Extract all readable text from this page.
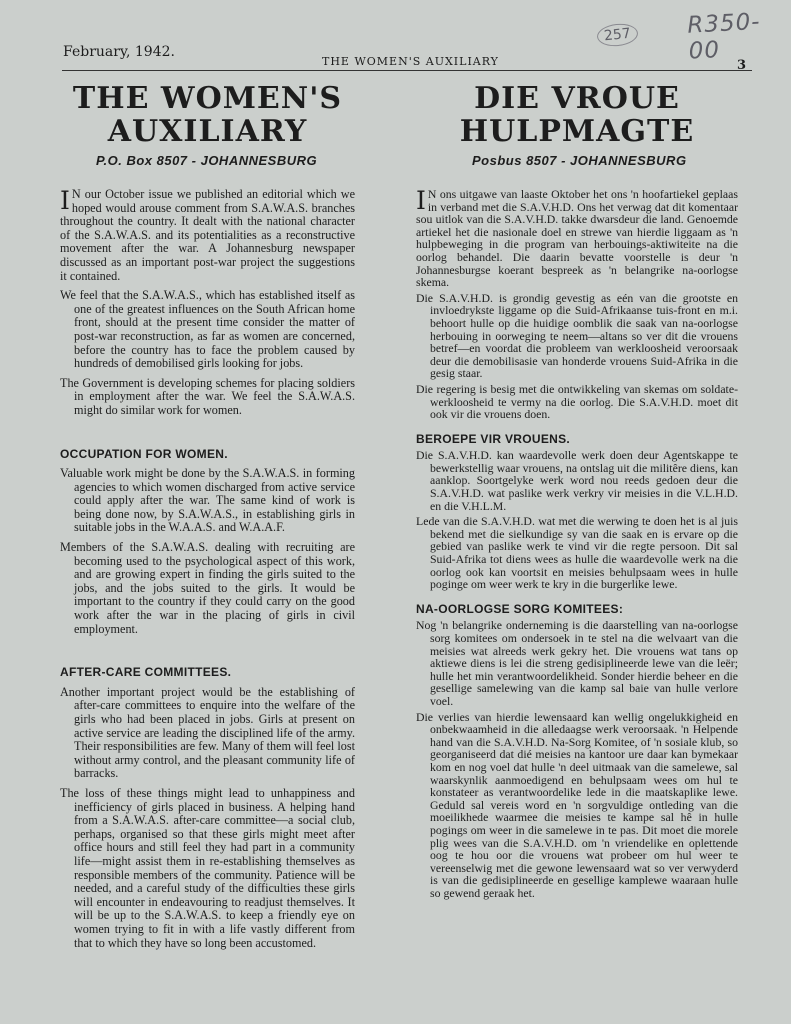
February, 1942.
THE WOMEN'S AUXILIARY	3
257	R350-00
THE WOMEN'S
AUXILIARY
P.O. Box 8507 - JOHANNESBURG

I N our October issue we published an editorial which we hoped would arouse comment from S.A.W.A.S. branches throughout the country. It dealt with the national character of the S.A.W.A.S. and its potentialities as a reconstructive movement after the war. A Johannesburg newspaper discussed as an important post-war project the suggestions it contained.

We feel that the S.A.W.A.S., which has established itself as one of the greatest influences on the South African home front, should at the present time consider the matter of post-war reconstruction, as far as women are concerned, before the country has to face the problem caused by hundreds of demobilised girls looking for jobs.

The Government is developing schemes for placing soldiers in employment after the war. We feel the S.A.W.A.S. might do similar work for women.

OCCUPATION FOR WOMEN.

Valuable work might be done by the S.A.W.A.S. in forming agencies to which women discharged from active service could apply after the war. The same kind of work is being done now, by S.A.W.A.S., in establishing girls in suitable jobs in the W.A.A.S. and W.A.A.F.

Members of the S.A.W.A.S. dealing with recruiting are becoming used to the psychological aspect of this work, and are growing expert in finding the girls suited to the jobs, and the jobs suited to the girls. It would be important to the country if they could carry on the good work after the war in the placing of girls in civil employment.

AFTER-CARE COMMITTEES.

Another important project would be the establishing of after-care committees to enquire into the welfare of the girls who had been placed in jobs. Girls at present on active service are leading the disciplined life of the army. Their responsibilities are few. Many of them will feel lost without army control, and the pleasant community life of barracks.

The loss of these things might lead to unhappiness and inefficiency of girls placed in business. A helping hand from a S.A.W.A.S. after-care committee—a social club, perhaps, organised so that these girls might meet after office hours and still feel they had part in a community life—might assist them in re-establishing themselves as responsible members of the community. Patience will be needed, and a careful study of the difficulties these girls will encounter in endeavouring to readjust themselves. It will be up to the S.A.W.A.S. to keep a friendly eye on women trying to fit in with a life vastly different from that to which they have so long been accustomed.

DIE VROUE
HULPMAGTE
Posbus 8507 - JOHANNESBURG

I N ons uitgawe van laaste Oktober het ons 'n hoofartiekel geplaas in verband met die S.A.V.H.D. Ons het verwag dat dit komentaar sou uitlok van die S.A.V.H.D. takke dwarsdeur die land. Genoemde artiekel het die nasionale doel en strewe van hierdie liggaam as 'n hulpbeweging in die program van herbouings-aktiwiteite na die oorlog behandel. Die daarin bevatte voorstelle is deur 'n Johannesburgse koerant bespreek as 'n belangrike na-oorlogse skema.

Die S.A.V.H.D. is grondig gevestig as eén van die grootste en invloedrykste liggame op die Suid-Afrikaanse tuis-front en m.i. behoort hulle op die huidige oomblik die saak van na-oorlogse herbouing in oorweging te neem—altans so ver dit die vrouens betref—en voordat die probleem van werkloosheid veroorsaak deur die demobilisasie van honderde vrouens Suid-Afrika in die gesig staar.

Die regering is besig met die ontwikkeling van skemas om soldate-werkloosheid te vermy na die oorlog. Die S.A.V.H.D. moet dit ook vir die vrouens doen.

BEROEPE VIR VROUENS.

Die S.A.V.H.D. kan waardevolle werk doen deur Agentskappe te bewerkstellig waar vrouens, na ontslag uit die militêre diens, kan aanklop. Soortgelyke werk word nou reeds gedoen deur die S.A.V.H.D. wat paslike werk verkry vir meisies in die V.L.H.D. en die V.H.L.M.

Lede van die S.A.V.H.D. wat met die werwing te doen het is al juis bekend met die sielkundige sy van die saak en is ervare op die gebied van paslike werk te vind vir die regte persoon. Dit sal Suid-Afrika tot diens wees as hulle die waardevolle werk na die oorlog ook kan voortsit en meisies behulpsaam wees in hulle poginge om weer werk te kry in die burgerlike lewe.

NA-OORLOGSE SORG KOMITEES:

Nog 'n belangrike onderneming is die daarstelling van na-oorlogse sorg komitees om ondersoek in te stel na die welvaart van die meisies wat alreeds werk gekry het. Die vrouens wat tans op aktiewe diens is lei die streng gedisiplineerde lewe van die leër; hulle het min verantwoordelikheid. Sonder hierdie beheer en die gesellige samelewing van die kamp sal baie van hulle verlore voel.

Die verlies van hierdie lewensaard kan wellig ongelukkigheid en onbekwaamheid in die alledaagse werk veroorsaak. 'n Helpende hand van die S.A.V.H.D. Na-Sorg Komitee, of 'n sosiale klub, so georganiseerd dat dié meisies na kantoor ure daar kan bymekaar kom en nog voel dat hulle 'n deel uitmaak van die samelewe, sal waarskynlik aanmoedigend en behulpsaam wees om hul te konstateer as verantwoordelike lede in die maatskaplike lewe. Geduld sal vereis word en 'n sorgvuldige ontleding van die moeilikhede waarmee die meisies te kampe sal hê in hulle pogings om weer in die samelewe in te pas. Dit moet die morele plig wees van die S.A.V.H.D. om 'n vriendelike en oplettende oog te hou oor die vrouens wat probeer om hul weer te vereenselwig met die gewone lewensaard wat so ver verwyderd is van die gedisiplineerde en gesellige kamplewe waaraan hulle so gewend geraak het.
